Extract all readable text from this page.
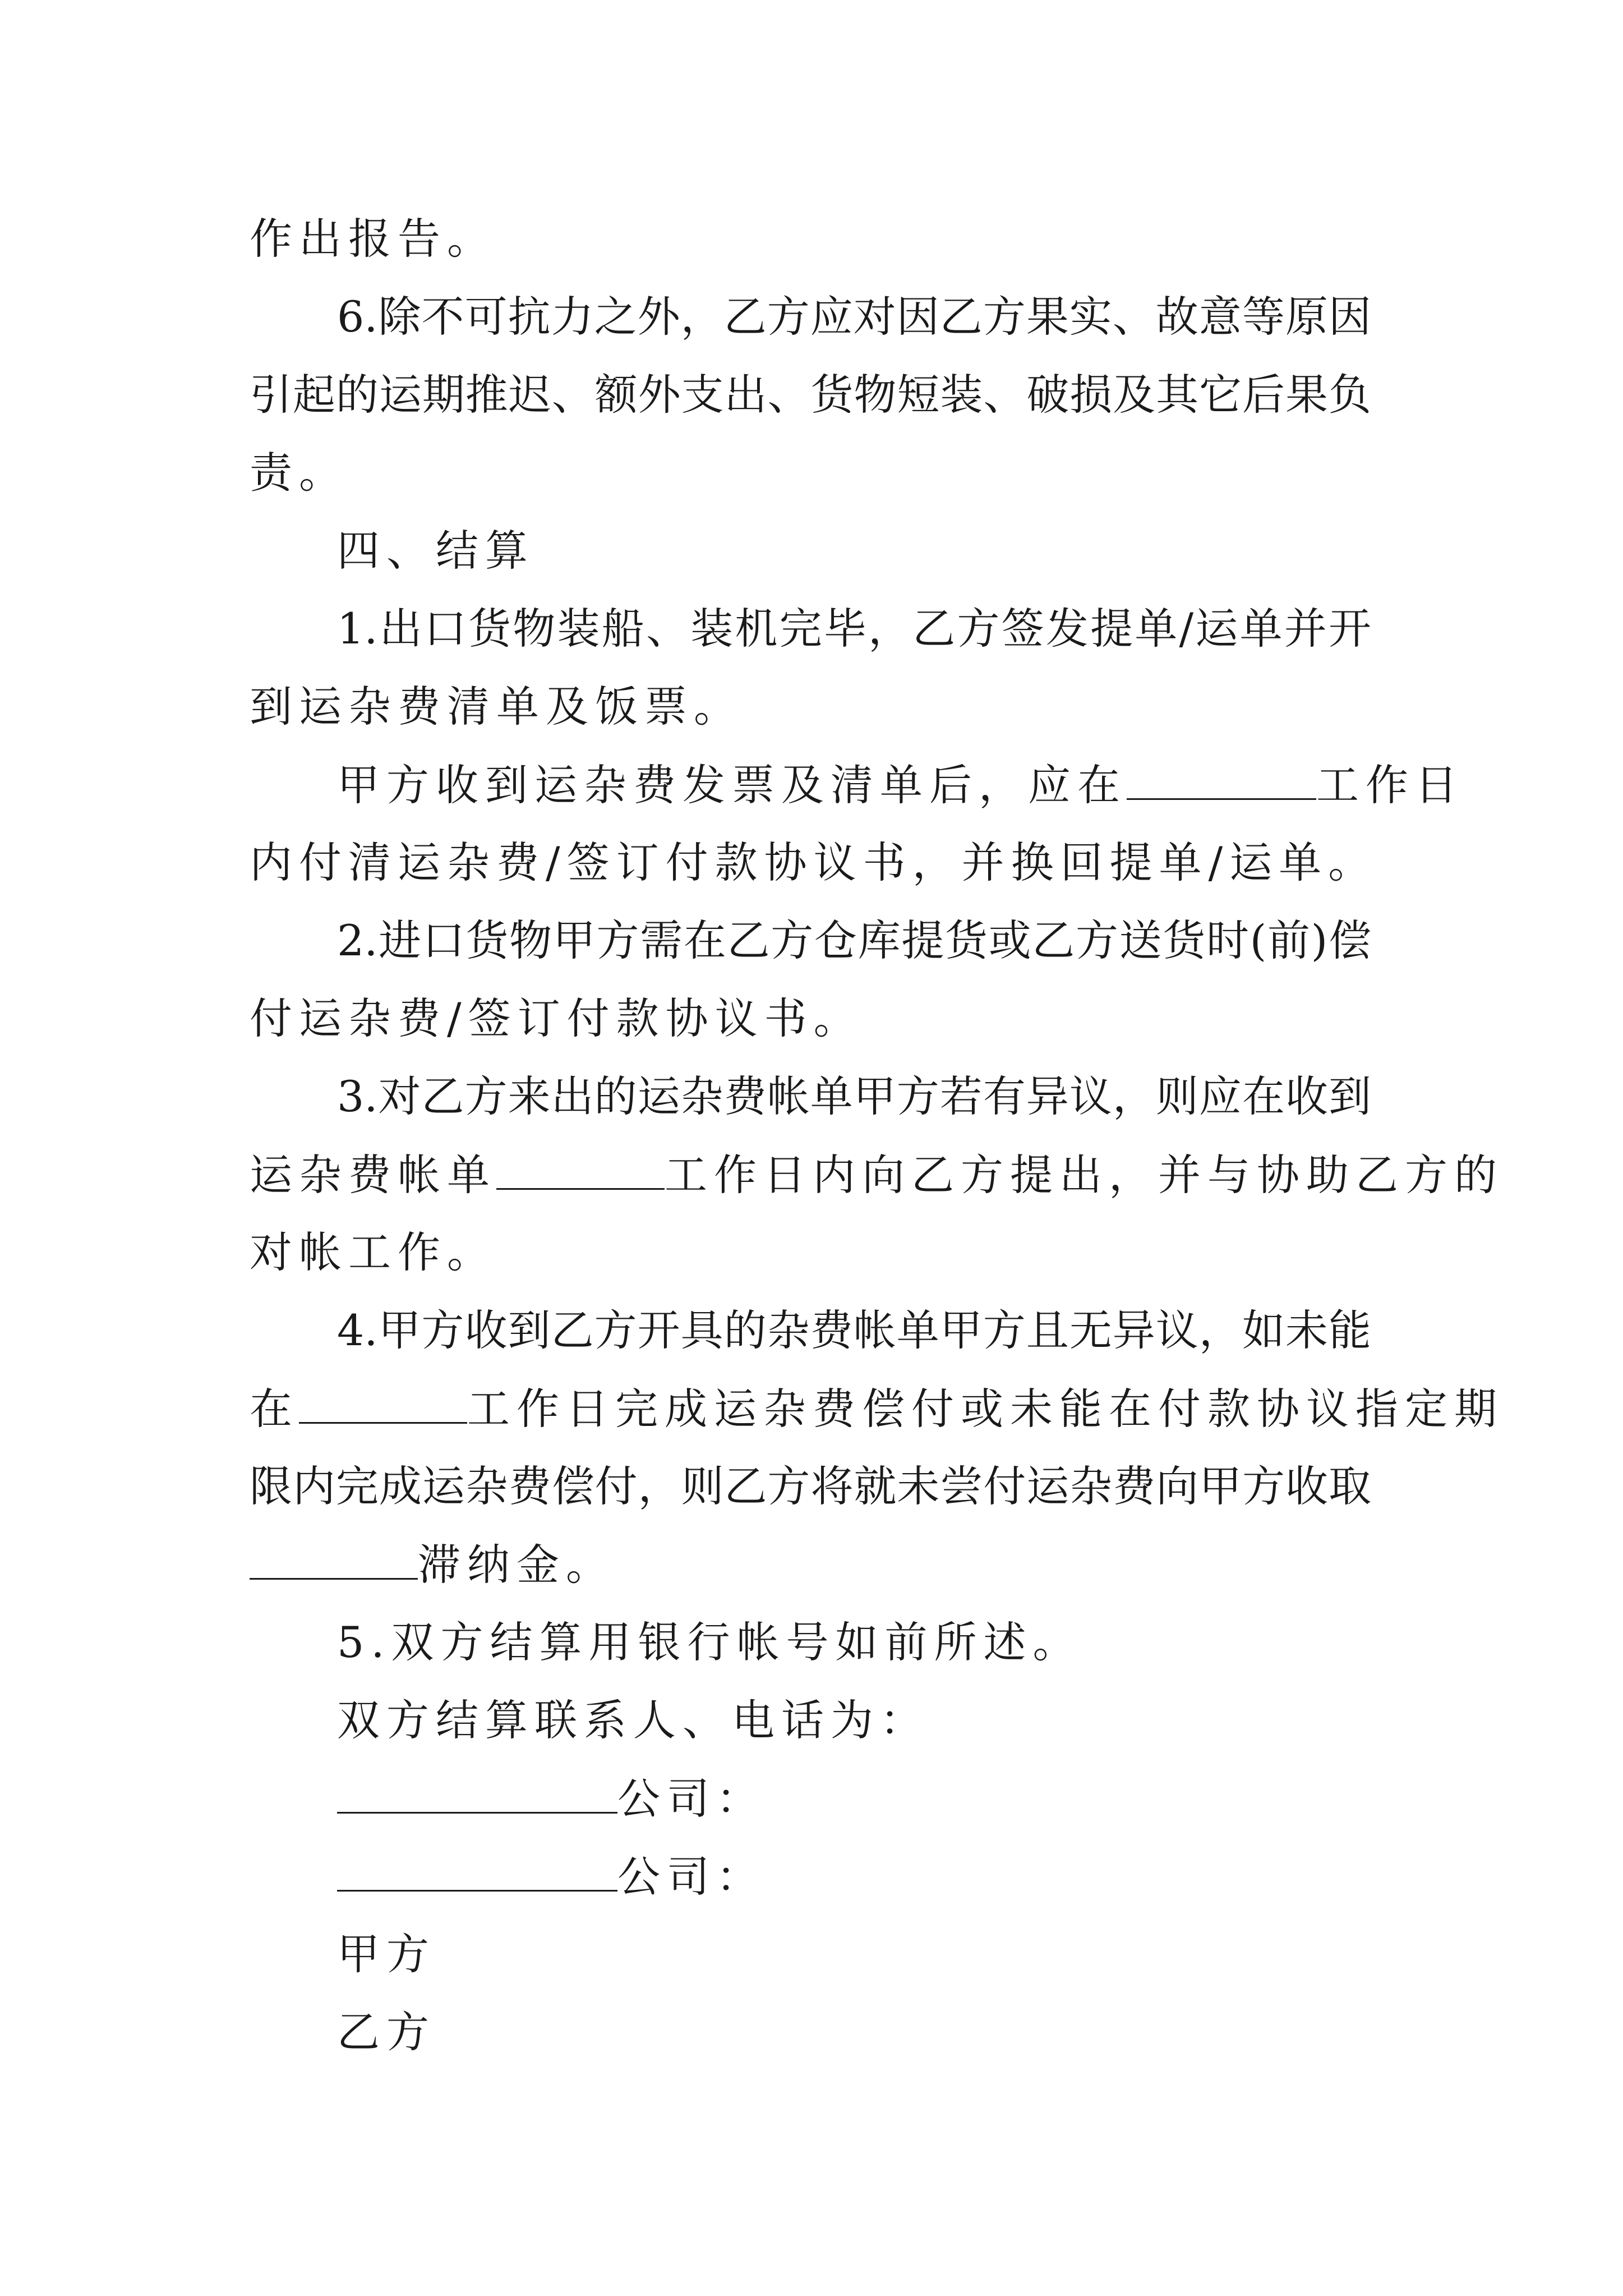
作出报告。
6.除不可抗力之外，乙方应对因乙方果实、故意等原因
引起的运期推迟、额外支出、货物短装、破损及其它后果负
责。
四、结算
1.出口货物装船、装机完毕，乙方签发提单/运单并开
到运杂费清单及饭票。
甲方收到运杂费发票及清单后，应在	工作日
内付清运杂费/签订付款协议书，并换回提单/运单。
2.进口货物甲方需在乙方仓库提货或乙方送货时(前)偿
付运杂费/签订付款协议书。
3.对乙方来出的运杂费帐单甲方若有异议，则应在收到
运杂费帐单	工作日内向乙方提出，并与协助乙方的
对帐工作。
4.甲方收到乙方开具的杂费帐单甲方且无异议，如未能
在	工作日完成运杂费偿付或未能在付款协议指定期
限内完成运杂费偿付，则乙方将就未尝付运杂费向甲方收取
滞纳金。
5.双方结算用银行帐号如前所述。
双方结算联系人、电话为：
公司：
公司：
甲方
乙方
